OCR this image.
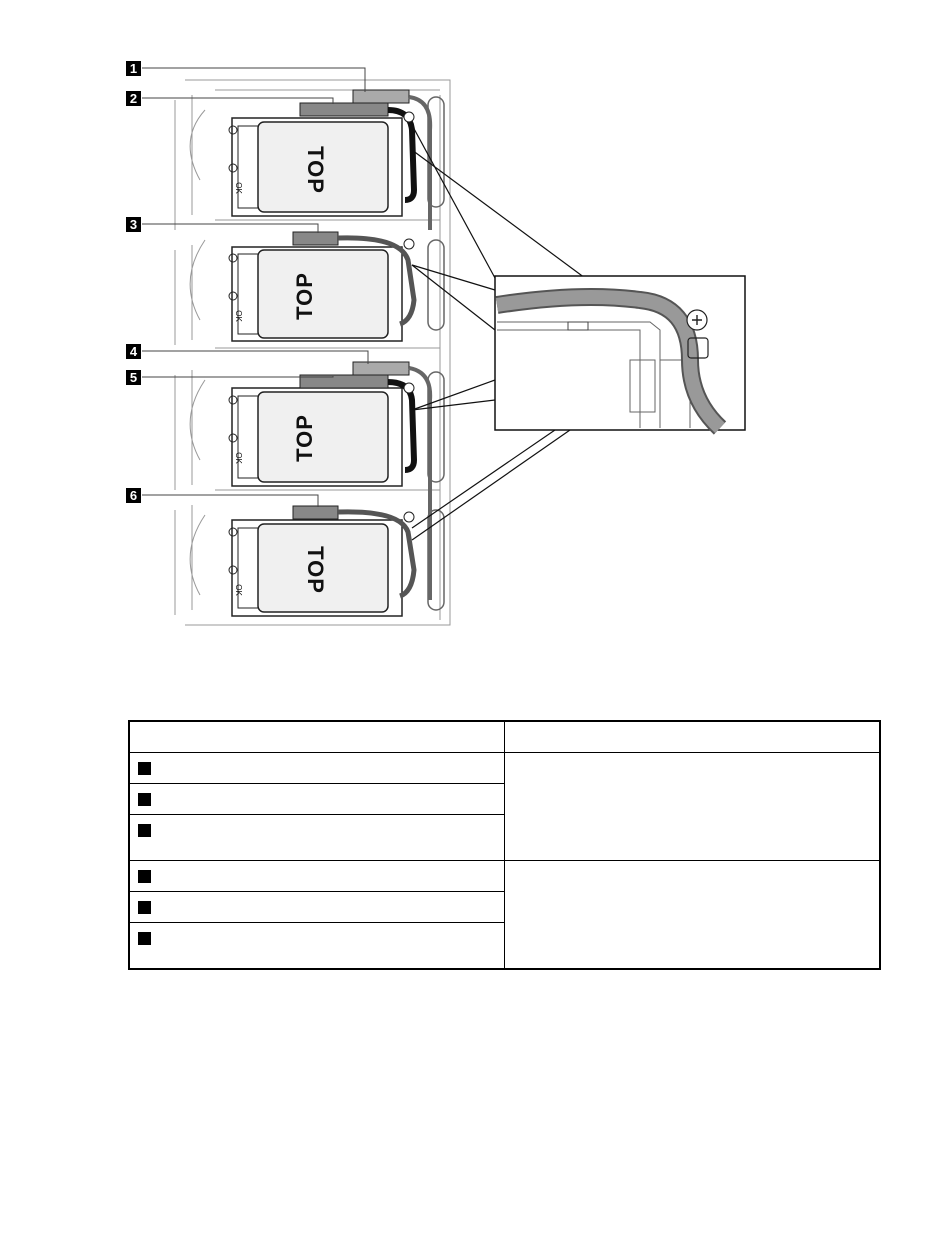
TOP
OK
TOP
OK
TOP
OK
TOP
OK
1
2
3
4
5
6
